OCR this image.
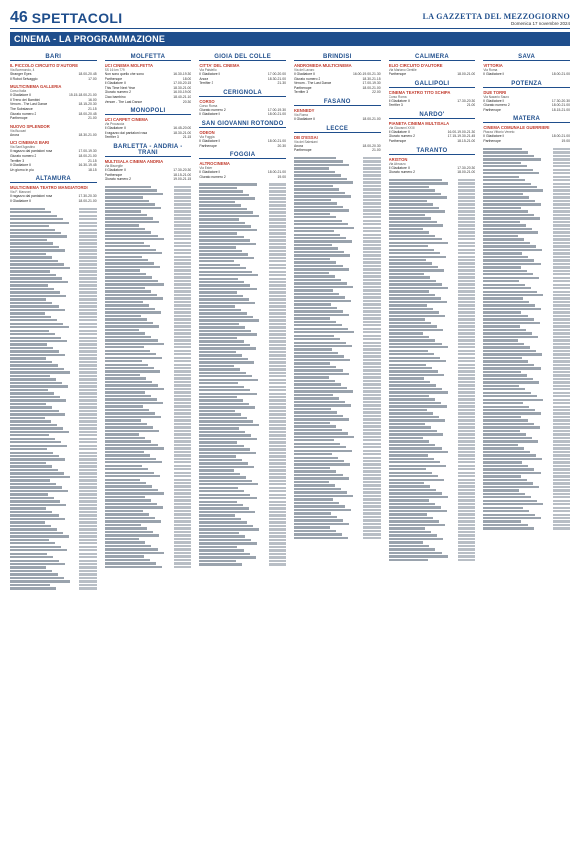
46 SPETTACOLI	LA GAZZETTA DEL MEZZOGIORNO
Domenica 17 novembre 2024
CINEMA - LA PROGRAMMAZIONE
BARI
IL PICCOLO CIRCUITO D'AUTORE
Via Boemondo, 4
Stranger Eyes	18.00-20.45
Il Robot Selvaggio	17.00
MULTICINEMA GALLERIA
Corso Italia
Il Gladiatore II	15.15-18.00-21.00
Il Treno dei Bambini	16.00
Venom - The Last Dance	18.15-20.30
The Substance	21.15
Giurato numero 2	18.00-20.45
Parthenope	21.00
NUOVO SPLENDOR
Via Buccari
Anora	18.30-21.00
UCI CINEMAS BARI
Via Sant'Agostino
Il ragazzo dai pantaloni rosa	17.00-19.30
Giurato numero 2	18.00-21.00
Terrifier 3	21.15
Il Gladiatore II	16.30-19.45
Un giorno in piu	18.15
ALTAMURA
MULTICINEMA TEATRO MANGIATORDI
Via F. Manzoni
Il ragazzo dai pantaloni rosa	17.30-20.30
Il Gladiatore II	18.00-21.00
MOLFETTA
UCI CINEMA MOLFETTA
SS 16 km 779
Non sono quello che sono	16.30-19.30
Parthenope	18.00
Il Gladiatore II	17.00-20.15
This Time Next Year	18.30-21.00
Giurato numero 2	16.00-19.00
Ciao bambino	18.40-21.10
Venom - The Last Dance	20.30
MONOPOLI
UCI CARPET CINEMA
Via Procaccia
Il Gladiatore II	16.45-20.00
Il ragazzo dai pantaloni rosa	18.30-21.00
Terrifier 3	21.15
BARLETTA - ANDRIA - TRANI
MULTISALA CINEMA ANDRIA
Via Bisceglie
Il Gladiatore II	17.30-20.30
Parthenope	18.15-21.00
Giurato numero 2	19.00-21.15
GIOIA DEL COLLE
CITTA' DEL CINEMA
Via Paisiello
Il Gladiatore II	17.00-20.00
Anora	18.30-21.00
Terrifier 3	21.30
CERIGNOLA
CORSO
Corso Roma
Giurato numero 2	17.00-19.30
Il Gladiatore II	18.00-21.00
SAN GIOVANNI ROTONDO
ODEON
Via Foggia
Il Gladiatore II	18.00-21.00
Parthenope	20.30
FOGGIA
ALTROCINEMA
Via Ester
Il Gladiatore II	18.00-21.00
Giurato numero 2	19.00
BRINDISI
ANDROMEDA MULTICINEMA
Via del Lavoro
Il Gladiatore II	16.00-19.00-21.30
Giurato numero 2	18.30-21.15
Venom - The Last Dance	17.00-19.30
Parthenope	18.00-21.00
Terrifier 3	22.00
FASANO
KENNEDY
Via Roma
Il Gladiatore II	18.00-21.00
LECCE
DB D'ESSAI
Via dei Salesiani
Anora	18.00-20.30
Parthenope	21.00
CALIMERA
ELIO CIRCUITO D'AUTORE
Via Mariano Gentile
Parthenope	18.00-21.00
GALLIPOLI
CINEMA TEATRO TITO SCHIPA
Corso Roma
Il Gladiatore II	17.30-20.30
Terrifier 3	21.00
NARDO'
PIANETA CINEMA MULTISALA
Via Giovanni XXIII
Il Gladiatore II	16.00-19.00-21.30
Giurato numero 2	17.15-19.30-21.45
Parthenope	18.15-21.00
TARANTO
ARISTON
Via Abruzzo
Il Gladiatore II	17.30-20.30
Giurato numero 2	18.00-21.00
SAVA
VITTORIA
Via Roma
Il Gladiatore II	18.00-21.00
POTENZA
DUE TORRI
Via Nazario Sauro
Il Gladiatore II	17.30-20.30
Giurato numero 2	18.00-21.00
Parthenope	18.15-21.00
MATERA
CINEMA COMUNALE GUERRIERI
Piazza Vittorio Veneto
Il Gladiatore II	18.00-21.00
Parthenope	19.00
